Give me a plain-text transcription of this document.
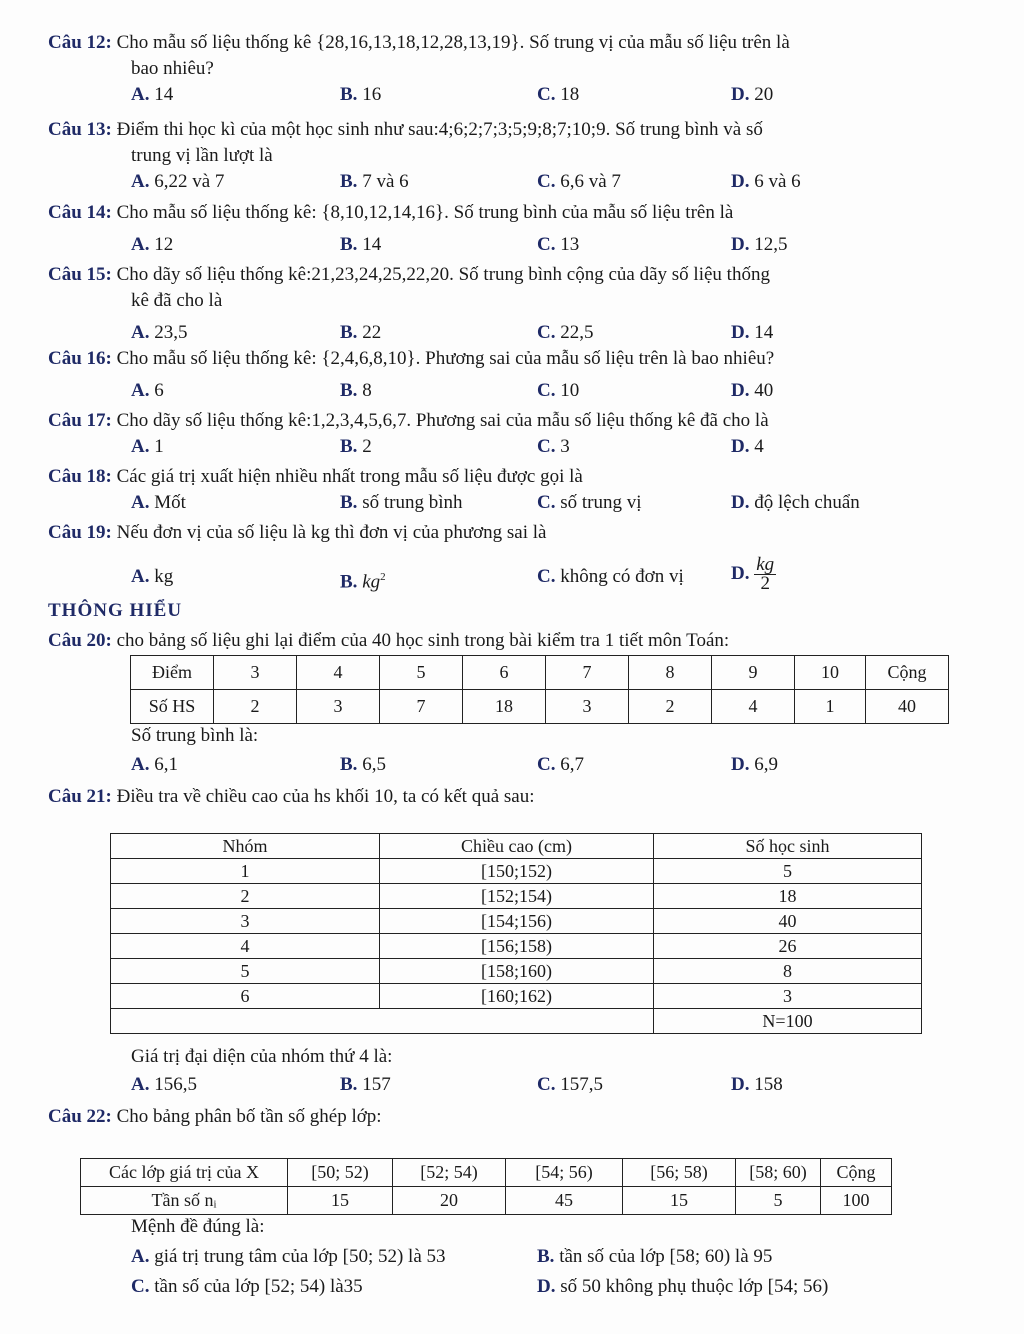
Câu 12: Cho mẫu số liệu thống kê {28,16,13,18,12,28,13,19}. Số trung vị của mẫu số liệu trên là
bao nhiêu?
A. 14	B. 16	C. 18	D. 20
Câu 13: Điểm thi học kì của một học sinh như sau:4;6;2;7;3;5;9;8;7;10;9. Số trung bình và số
trung vị lần lượt là
A. 6,22 và 7	B. 7 và 6	C. 6,6 và 7	D. 6 và 6
Câu 14: Cho mẫu số liệu thống kê: {8,10,12,14,16}. Số trung bình của mẫu số liệu trên là
A. 12	B. 14	C. 13	D. 12,5
Câu 15: Cho dãy số liệu thống kê:21,23,24,25,22,20. Số trung bình cộng của dãy số liệu thống
kê đã cho là
A. 23,5	B. 22	C. 22,5	D. 14
Câu 16: Cho mẫu số liệu thống kê: {2,4,6,8,10}. Phương sai của mẫu số liệu trên là bao nhiêu?
A. 6	B. 8	C. 10	D. 40
Câu 17: Cho dãy số liệu thống kê:1,2,3,4,5,6,7. Phương sai của mẫu số liệu thống kê đã cho là
A. 1	B. 2	C. 3	D. 4
Câu 18: Các giá trị xuất hiện nhiều nhất trong mẫu số liệu được gọi là
A. Mốt	B. số trung bình	C. số trung vị	D. độ lệch chuẩn
Câu 19: Nếu đơn vị của số liệu là kg thì đơn vị của phương sai là
A. kg	B. $kg^2$	C. không có đơn vị D. $\frac{kg}{2}$
THÔNG HIỂU
Câu 20: cho bảng số liệu ghi lại điểm của 40 học sinh trong bài kiểm tra 1 tiết môn Toán:
Điểm	3	4	5	6	7	8	9	10	Cộng
Số HS	2	3	7	18	3	2	4	1	40
Số trung bình là:
A. 6,1	B. 6,5	C. 6,7	D. 6,9
Câu 21: Điều tra về chiều cao của hs khối 10, ta có kết quả sau:
Nhóm	Chiều cao (cm)	Số học sinh
1	[150;152)	5
2	[152;154)	18
3	[154;156)	40
4	[156;158)	26
5	[158;160)	8
6	[160;162)	3
		N=100
Giá trị đại diện của nhóm thứ 4 là:
A. 156,5	B. 157	C. 157,5	D. 158
Câu 22: Cho bảng phân bố tần số ghép lớp:
Các lớp giá trị của X	[50; 52)	[52; 54)	[54; 56)	[56; 58)	[58; 60)	Cộng
Tần số nᵢ	15	20	45	15	5	100
Mệnh đề đúng là:
A. giá trị trung tâm của lớp [50; 52) là 53	B. tần số của lớp [58; 60) là 95
C. tần số của lớp [52; 54) là35	D. số 50 không phụ thuộc lớp [54; 56)
